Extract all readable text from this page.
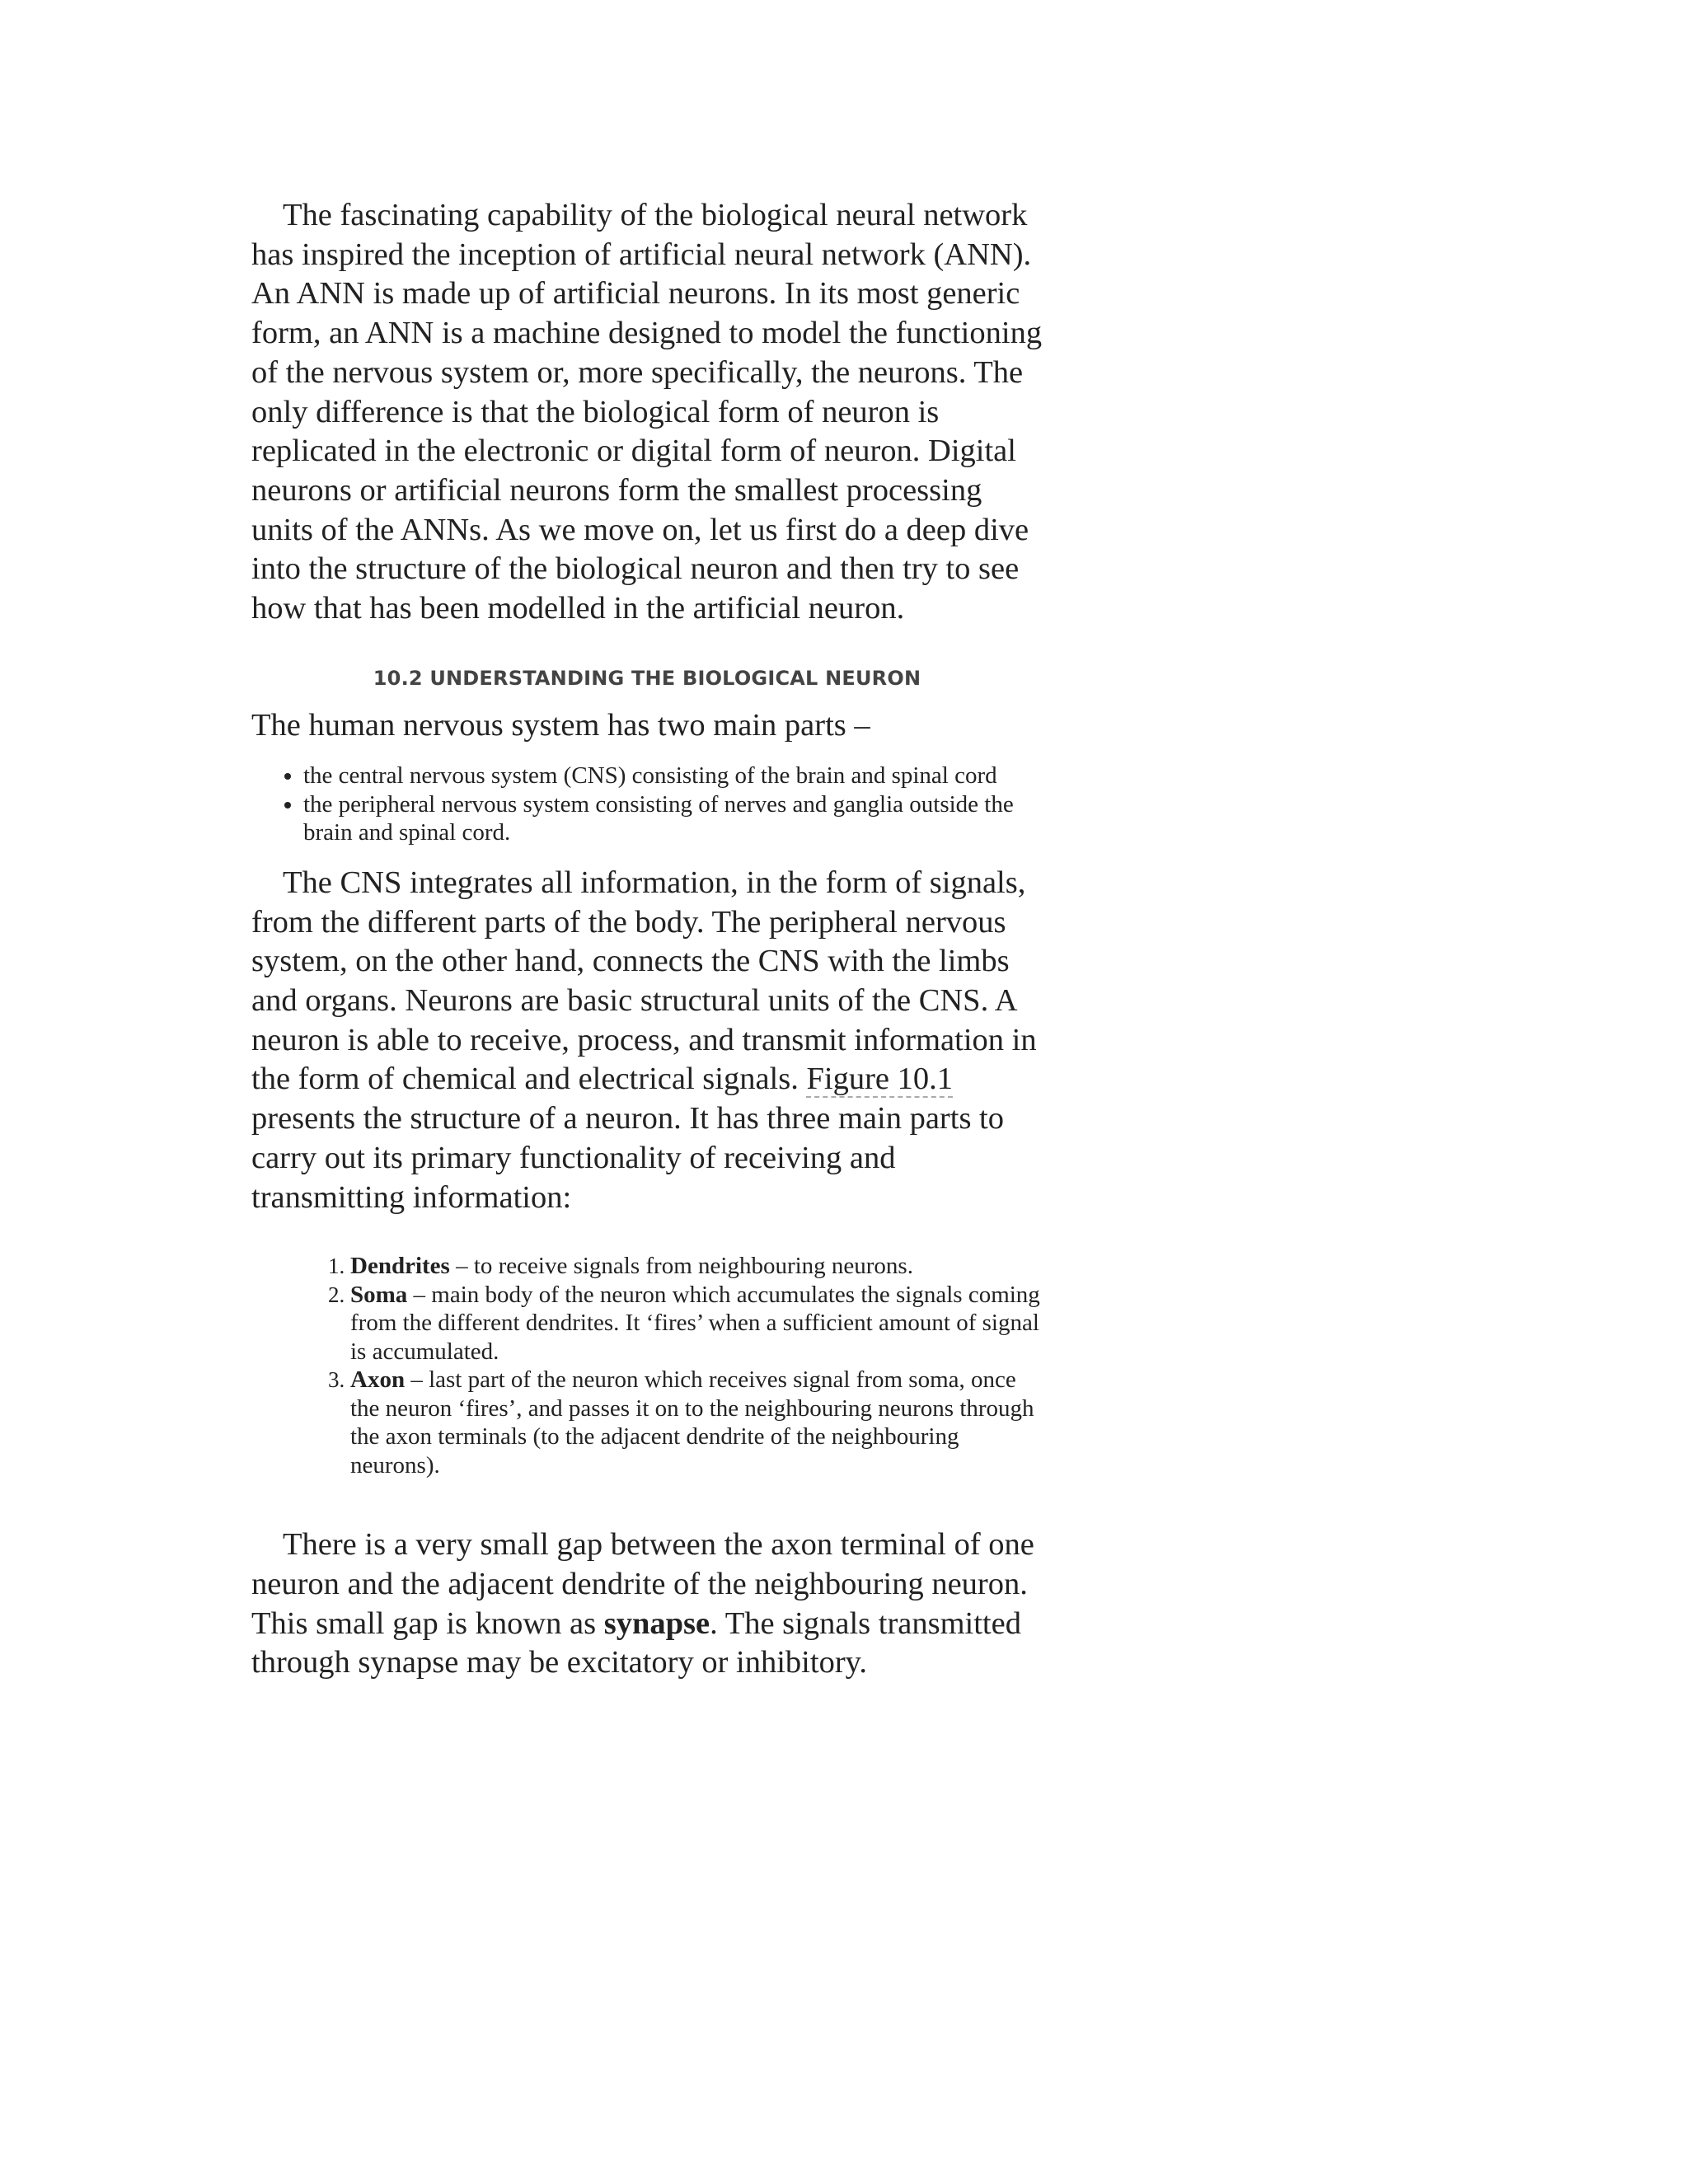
The fascinating capability of the biological neural network has inspired the inception of artificial neural network (ANN). An ANN is made up of artificial neurons. In its most generic form, an ANN is a machine designed to model the functioning of the nervous system or, more specifically, the neurons. The only difference is that the biological form of neuron is replicated in the electronic or digital form of neuron. Digital neurons or artificial neurons form the smallest processing units of the ANNs. As we move on, let us first do a deep dive into the structure of the biological neuron and then try to see how that has been modelled in the artificial neuron.

10.2 UNDERSTANDING THE BIOLOGICAL NEURON

The human nervous system has two main parts –

• the central nervous system (CNS) consisting of the brain and spinal cord
• the peripheral nervous system consisting of nerves and ganglia outside the brain and spinal cord.

The CNS integrates all information, in the form of signals, from the different parts of the body. The peripheral nervous system, on the other hand, connects the CNS with the limbs and organs. Neurons are basic structural units of the CNS. A neuron is able to receive, process, and transmit information in the form of chemical and electrical signals. Figure 10.1 presents the structure of a neuron. It has three main parts to carry out its primary functionality of receiving and transmitting information:

1. Dendrites – to receive signals from neighbouring neurons.
2. Soma – main body of the neuron which accumulates the signals coming from the different dendrites. It ‘fires’ when a sufficient amount of signal is accumulated.
3. Axon – last part of the neuron which receives signal from soma, once the neuron ‘fires’, and passes it on to the neighbouring neurons through the axon terminals (to the adjacent dendrite of the neighbouring neurons).

There is a very small gap between the axon terminal of one neuron and the adjacent dendrite of the neighbouring neuron. This small gap is known as synapse. The signals transmitted through synapse may be excitatory or inhibitory.
